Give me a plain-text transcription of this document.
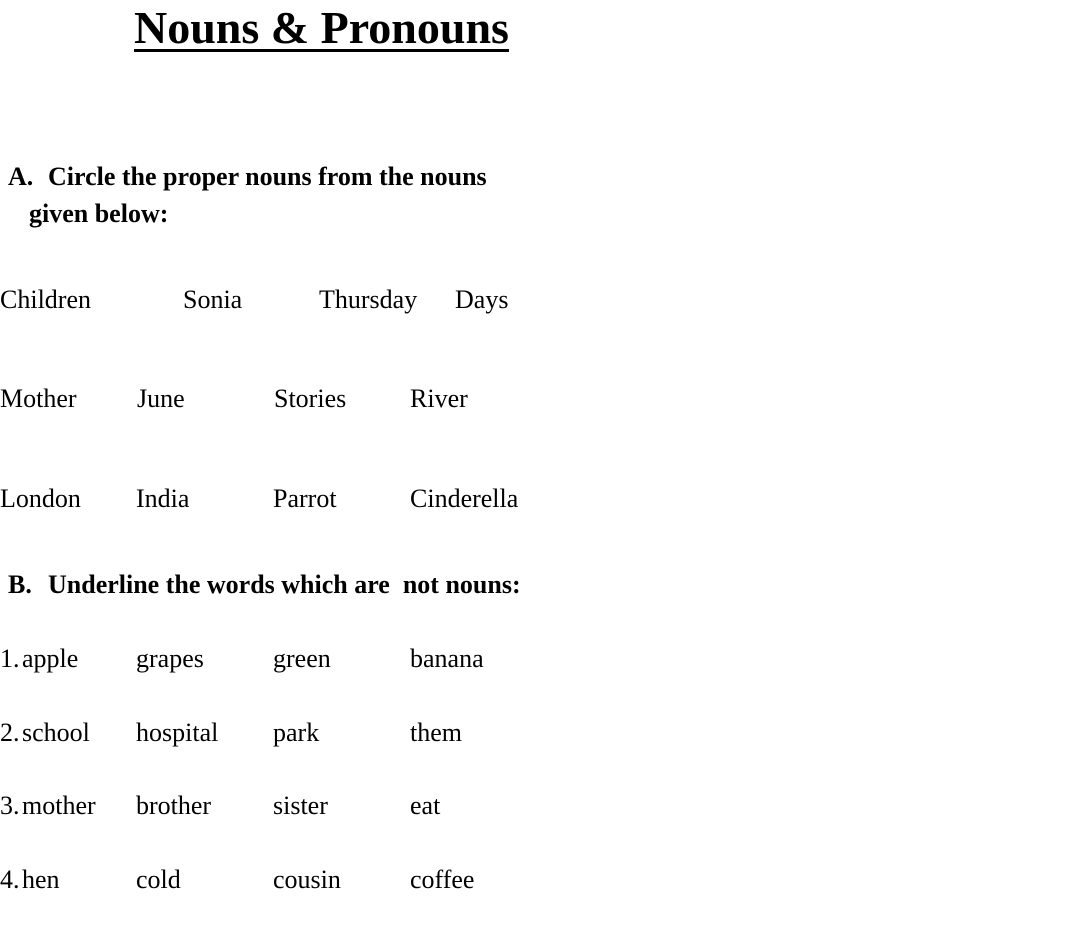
Nouns & Pronouns
A. Circle the proper nouns from the nouns
given below:
Children	Sonia	Thursday Days
Mother June	Stories River
London India	Parrot	Cinderella
B. Underline the words which are  not nouns:
1.apple grapes	green	banana
2.school hospital park	them
3.mother brother sister	eat
4.hen	cold	cousin	coffee
